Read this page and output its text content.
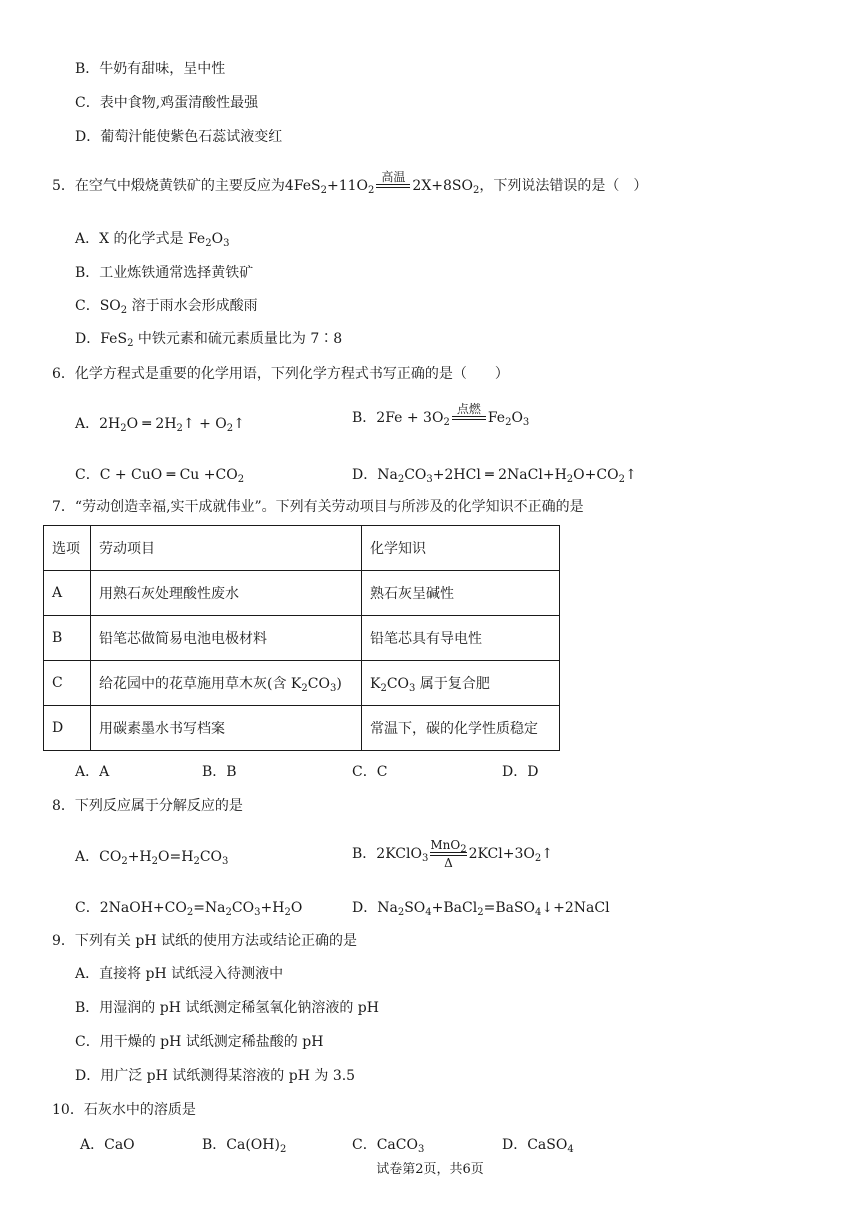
B．牛奶有甜味，呈中性
C．表中食物,鸡蛋清酸性最强
D．葡萄汁能使紫色石蕊试液变红
5．在空气中煅烧黄铁矿的主要反应为$4FeS_2+11O_2$
高温
$2X+8SO_2$，下列说法错误的是（　）
A．X 的化学式是 $Fe_2O_3$
B．工业炼铁通常选择黄铁矿
C．$SO_2$ 溶于雨水会形成酸雨
D．FeS$_2$ 中铁元素和硫元素质量比为 7∶8
6．化学方程式是重要的化学用语，下列化学方程式书写正确的是（　　）
A．$2H_2O$ ═ $2H_2↑$ + $O_2↑$	B．$2Fe + 3O_2$
点燃
$Fe_2O_3$
C．C + CuO ═ $Cu +CO_2$	D．$Na_2CO_3+2HCl$ ═ $2NaCl+H_2O+CO_2↑$
7．“劳动创造幸福,实干成就伟业”。下列有关劳动项目与所涉及的化学知识不正确的是
选项	劳动项目	化学知识
A	用熟石灰处理酸性废水	熟石灰呈碱性
B	铅笔芯做简易电池电极材料	铅笔芯具有导电性
C	给花园中的花草施用草木灰(含 $K_2CO_3$)	$K_2CO_3$ 属于复合肥
D	用碳素墨水书写档案	常温下，碳的化学性质稳定
A．A	B．B	C．C	D．D
8．下列反应属于分解反应的是
A．$CO_2+H_2O=H_2CO_3$	B．2KClO$_3$
MnO$_2$
Δ
$2KCl+3O_2↑$
C．$2NaOH+CO_2=Na_2CO_3+H_2O$	D．$Na_2SO_4+BaCl_2=BaSO_4↓+2NaCl$
9．下列有关 pH 试纸的使用方法或结论正确的是
A．直接将 pH 试纸浸入待测液中
B．用湿润的 pH 试纸测定稀氢氧化钠溶液的 pH
C．用干燥的 pH 试纸测定稀盐酸的 pH
D．用广泛 pH 试纸测得某溶液的 pH 为 3.5
10．石灰水中的溶质是
A．CaO	B．$Ca(OH)_2$	C．CaCO$_3$	D．CaSO$_4$
试卷第2页，共6页
